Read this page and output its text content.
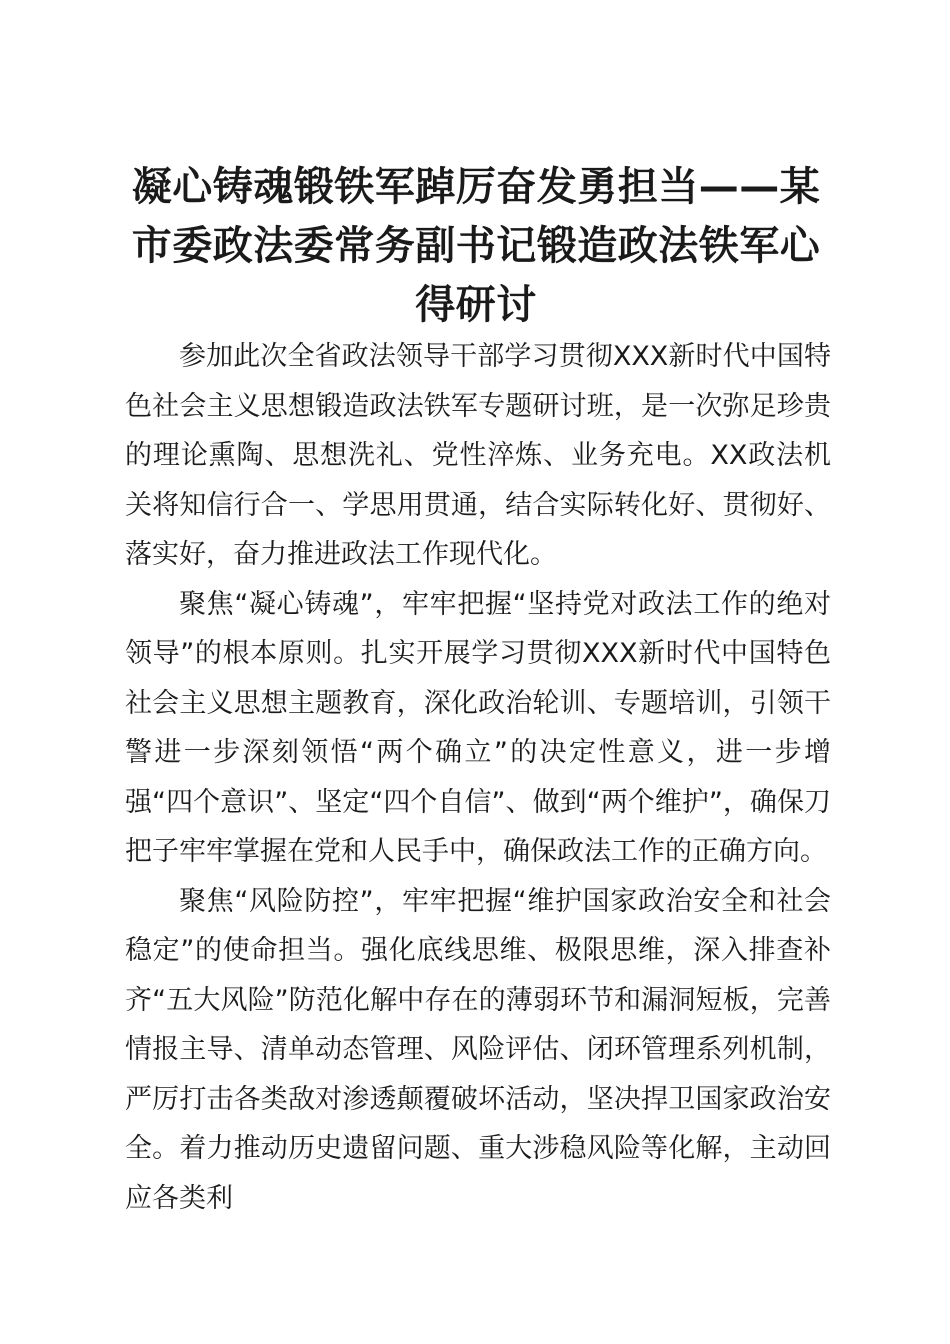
凝心铸魂锻铁军踔厉奋发勇担当——某市委政法委常务副书记锻造政法铁军心得研讨

参加此次全省政法领导干部学习贯彻XXX新时代中国特色社会主义思想锻造政法铁军专题研讨班，是一次弥足珍贵的理论熏陶、思想洗礼、党性淬炼、业务充电。XX政法机关将知信行合一、学思用贯通，结合实际转化好、贯彻好、落实好，奋力推进政法工作现代化。

聚焦“凝心铸魂”，牢牢把握“坚持党对政法工作的绝对领导”的根本原则。扎实开展学习贯彻XXX新时代中国特色社会主义思想主题教育，深化政治轮训、专题培训，引领干警进一步深刻领悟“两个确立”的决定性意义，进一步增强“四个意识”、坚定“四个自信”、做到“两个维护”，确保刀把子牢牢掌握在党和人民手中，确保政法工作的正确方向。

聚焦“风险防控”，牢牢把握“维护国家政治安全和社会稳定”的使命担当。强化底线思维、极限思维，深入排查补齐“五大风险”防范化解中存在的薄弱环节和漏洞短板，完善情报主导、清单动态管理、风险评估、闭环管理系列机制，严厉打击各类敌对渗透颠覆破坏活动，坚决捍卫国家政治安全。着力推动历史遗留问题、重大涉稳风险等化解，主动回应各类利
